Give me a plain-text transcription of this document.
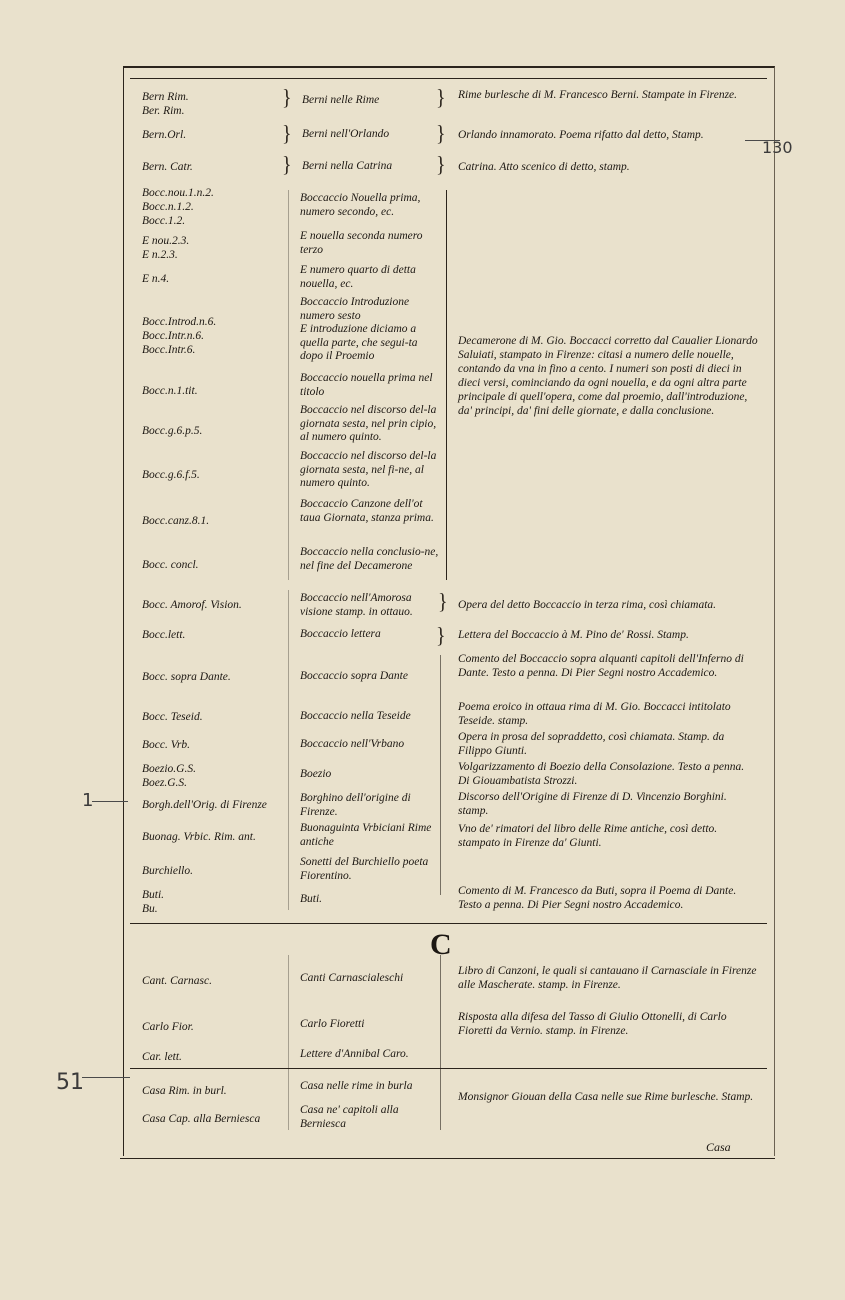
130
1
51
}
}
}
}
}
}
}
}
Bern Rim.
Ber. Rim.
Bern.Orl.
Bern. Catr.
Bocc.nou.1.n.2.
Bocc.n.1.2.
Bocc.1.2.
E nou.2.3.
E n.2.3.
E n.4.
Bocc.Introd.n.6.
Bocc.Intr.n.6.
Bocc.Intr.6.
Bocc.n.1.tit.
Bocc.g.6.p.5.
Bocc.g.6.f.5.
Bocc.canz.8.1.
Bocc. concl.
Bocc. Amorof. Vision.
Bocc.lett.
Bocc. sopra Dante.
Bocc. Teseid.
Bocc. Vrb.
Boezio.G.S.
Boez.G.S.
Borgh.dell'Orig. di Firenze
Buonag. Vrbic. Rim. ant.
Burchiello.
Buti.
Bu.
Berni nelle Rime
Berni nell'Orlando
Berni nella Catrina
Boccaccio Nouella prima, numero secondo, ec.
E nouella seconda numero terzo
E numero quarto di detta nouella, ec.
Boccaccio Introduzione numero sesto
E introduzione diciamo a quella parte, che segui-ta dopo il Proemio
Boccaccio nouella prima nel titolo
Boccaccio nel discorso del-la giornata sesta, nel prin cipio, al numero quinto.
Boccaccio nel discorso del-la giornata sesta, nel fi-ne, al numero quinto.
Boccaccio Canzone dell'ot taua Giornata, stanza prima.
Boccaccio nella conclusio-ne, nel fine del Decamerone
Boccaccio nell'Amorosa visione stamp. in ottauo.
Boccaccio lettera
Boccaccio sopra Dante
Boccaccio nella Teseide
Boccaccio nell'Vrbano
Boezio
Borghino dell'origine di Firenze.
Buonaguinta Vrbiciani Rime antiche
Sonetti del Burchiello poeta Fiorentino.
Buti.
Rime burlesche di M. Francesco Berni. Stampate in Firenze.
Orlando innamorato. Poema rifatto dal detto, Stamp.
Catrina. Atto scenico di detto, stamp.
Decamerone di M. Gio. Boccacci corretto dal Caualier Lionardo Saluiati, stampato in Firenze: citasi a numero delle nouelle, contando da vna in fino a cento. I numeri son posti di dieci in dieci versi, cominciando da ogni nouella, e da ogni altra parte principale di quell'opera, come dal proemio, dall'introduzione, da' principi, da' fini delle giornate, e dalla conclusione.
Opera del detto Boccaccio in terza rima, così chiamata.
Lettera del Boccaccio à M. Pino de' Rossi. Stamp.
Comento del Boccaccio sopra alquanti capitoli dell'Inferno di Dante. Testo a penna. Di Pier Segni nostro Accademico.
Poema eroico in ottaua rima di M. Gio. Boccacci intitolato Teseide. stamp.
Opera in prosa del sopraddetto, così chiamata. Stamp. da Filippo Giunti.
Volgarizzamento di Boezio della Consolazione. Testo a penna. Di Giouambatista Strozzi.
Discorso dell'Origine di Firenze di D. Vincenzio Borghini. stamp.
Vno de' rimatori del libro delle Rime antiche, così detto. stampato in Firenze da' Giunti.
Comento di M. Francesco da Buti, sopra il Poema di Dante. Testo a penna. Di Pier Segni nostro Accademico.
C
Cant. Carnasc.
Carlo Fior.
Car. lett.
Casa Rim. in burl.
Casa Cap. alla Berniesca
Canti Carnascialeschi
Carlo Fioretti
Lettere d'Annibal Caro.
Casa nelle rime in burla
Casa ne' capitoli alla Berniesca
Libro di Canzoni, le quali si cantauano il Carnasciale in Firenze alle Mascherate. stamp. in Firenze.
Risposta alla difesa del Tasso di Giulio Ottonelli, di Carlo Fioretti da Vernio. stamp. in Firenze.
Monsignor Giouan della Casa nelle sue Rime burlesche. Stamp.
Casa
